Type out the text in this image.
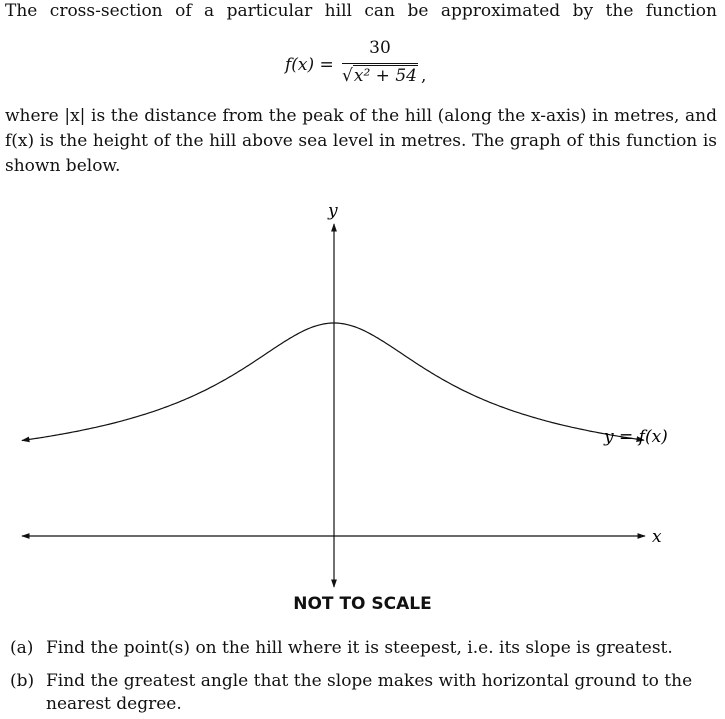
The cross-section of a particular hill can be approximated by the function
f(x) =
30
√x² + 54 ,
where |x| is the distance from the peak of the hill (along the x-axis) in metres, and
f(x) is the height of the hill above sea level in metres. The graph of this function is
shown below.
y
x
y = f(x)
NOT TO SCALE
(a) Find the point(s) on the hill where it is steepest, i.e. its slope is greatest.
(b) Find the greatest angle that the slope makes with horizontal ground to the nearest degree.
